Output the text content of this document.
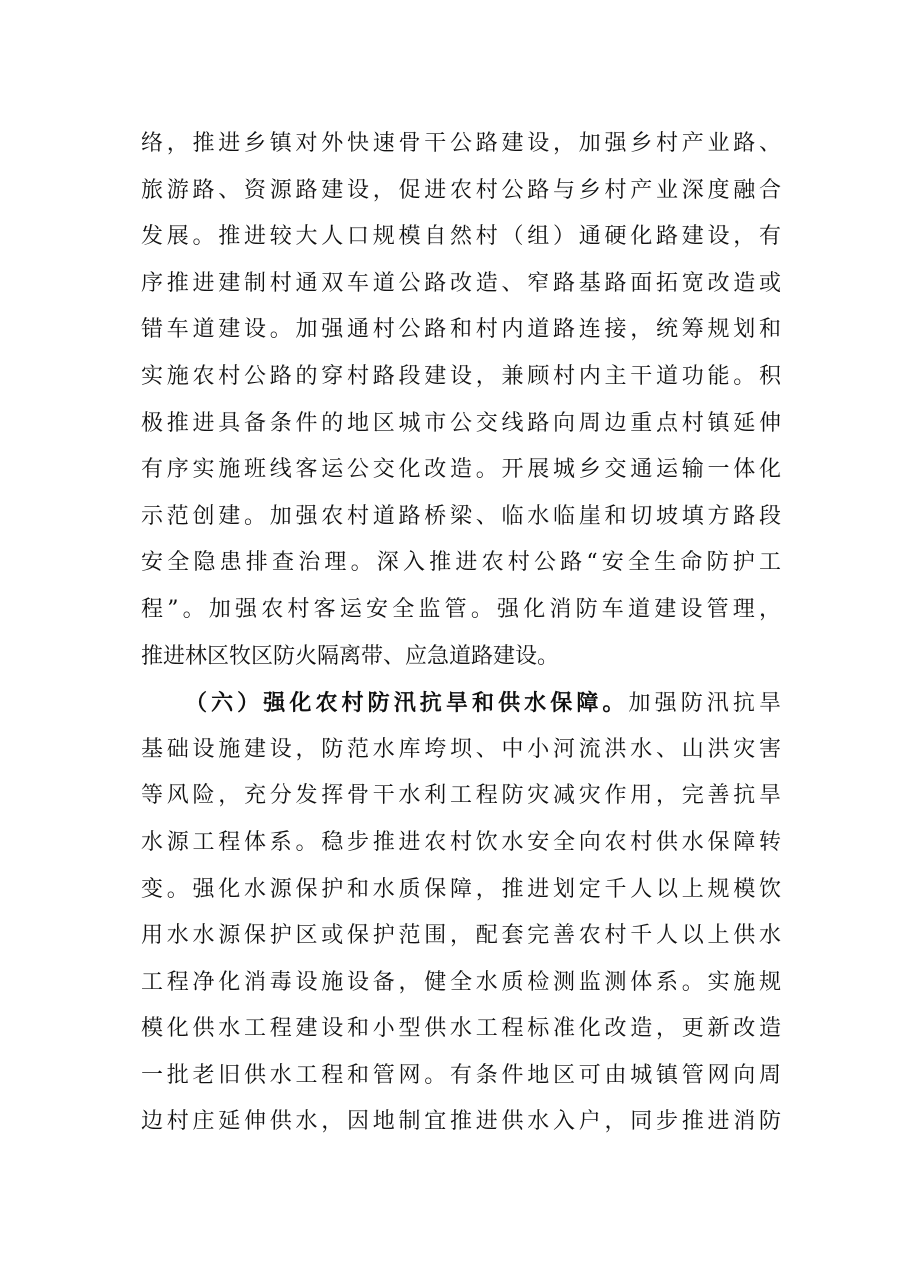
络，推进乡镇对外快速骨干公路建设，加强乡村产业路、
旅游路、资源路建设，促进农村公路与乡村产业深度融合
发展。推进较大人口规模自然村（组）通硬化路建设，有
序推进建制村通双车道公路改造、窄路基路面拓宽改造或
错车道建设。加强通村公路和村内道路连接，统筹规划和
实施农村公路的穿村路段建设，兼顾村内主干道功能。积
极推进具备条件的地区城市公交线路向周边重点村镇延伸
有序实施班线客运公交化改造。开展城乡交通运输一体化
示范创建。加强农村道路桥梁、临水临崖和切坡填方路段
安全隐患排查治理。深入推进农村公路“安全生命防护工
程”。加强农村客运安全监管。强化消防车道建设管理，
推进林区牧区防火隔离带、应急道路建设。
（六）强化农村防汛抗旱和供水保障。加强防汛抗旱
基础设施建设，防范水库垮坝、中小河流洪水、山洪灾害
等风险，充分发挥骨干水利工程防灾减灾作用，完善抗旱
水源工程体系。稳步推进农村饮水安全向农村供水保障转
变。强化水源保护和水质保障，推进划定千人以上规模饮
用水水源保护区或保护范围，配套完善农村千人以上供水
工程净化消毒设施设备，健全水质检测监测体系。实施规
模化供水工程建设和小型供水工程标准化改造，更新改造
一批老旧供水工程和管网。有条件地区可由城镇管网向周
边村庄延伸供水，因地制宜推进供水入户，同步推进消防
